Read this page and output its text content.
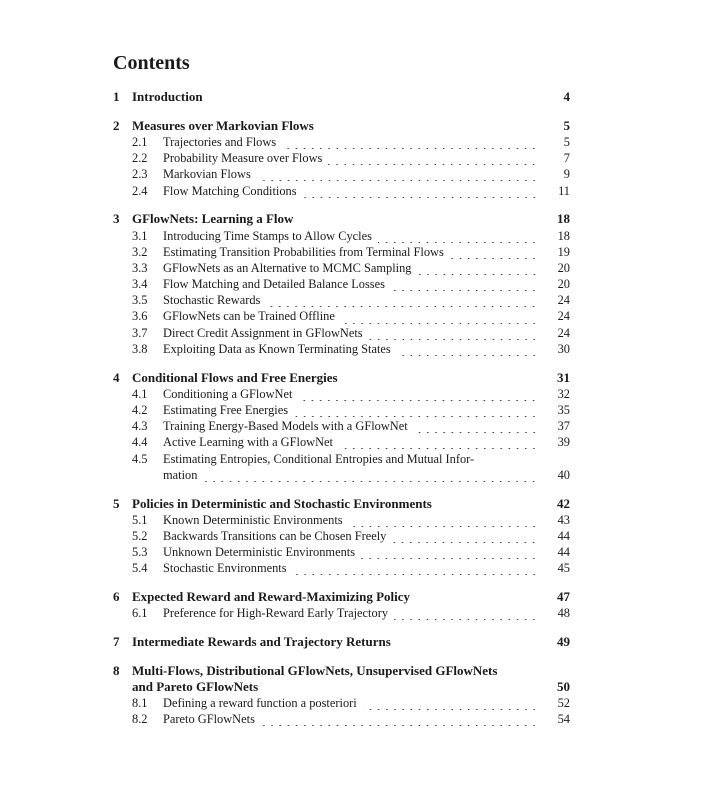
Contents
1 Introduction	4
2 Measures over Markovian Flows	5
2.1	Trajectories and Flows	5
2.2	Probability Measure over Flows	7
2.3	Markovian Flows	9
2.4	Flow Matching Conditions	11
3 GFlowNets: Learning a Flow	18
3.1	Introducing Time Stamps to Allow Cycles	18
3.2	Estimating Transition Probabilities from Terminal Flows	19
3.3	GFlowNets as an Alternative to MCMC Sampling	20
3.4	Flow Matching and Detailed Balance Losses	20
3.5	Stochastic Rewards	24
3.6	GFlowNets can be Trained Offline	24
3.7	Direct Credit Assignment in GFlowNets	24
3.8	Exploiting Data as Known Terminating States	30
4 Conditional Flows and Free Energies	31
4.1	Conditioning a GFlowNet	32
4.2	Estimating Free Energies	35
4.3	Training Energy-Based Models with a GFlowNet	37
4.4	Active Learning with a GFlowNet	39
4.5	Estimating Entropies, Conditional Entropies and Mutual Infor-
mation	40
5 Policies in Deterministic and Stochastic Environments	42
5.1	Known Deterministic Environments	43
5.2	Backwards Transitions can be Chosen Freely	44
5.3	Unknown Deterministic Environments	44
5.4	Stochastic Environments	45
6 Expected Reward and Reward-Maximizing Policy	47
6.1	Preference for High-Reward Early Trajectory	48
7 Intermediate Rewards and Trajectory Returns	49
8 Multi-Flows, Distributional GFlowNets, Unsupervised GFlowNets
and Pareto GFlowNets	50
8.1	Defining a reward function a posteriori	52
8.2	Pareto GFlowNets	54
